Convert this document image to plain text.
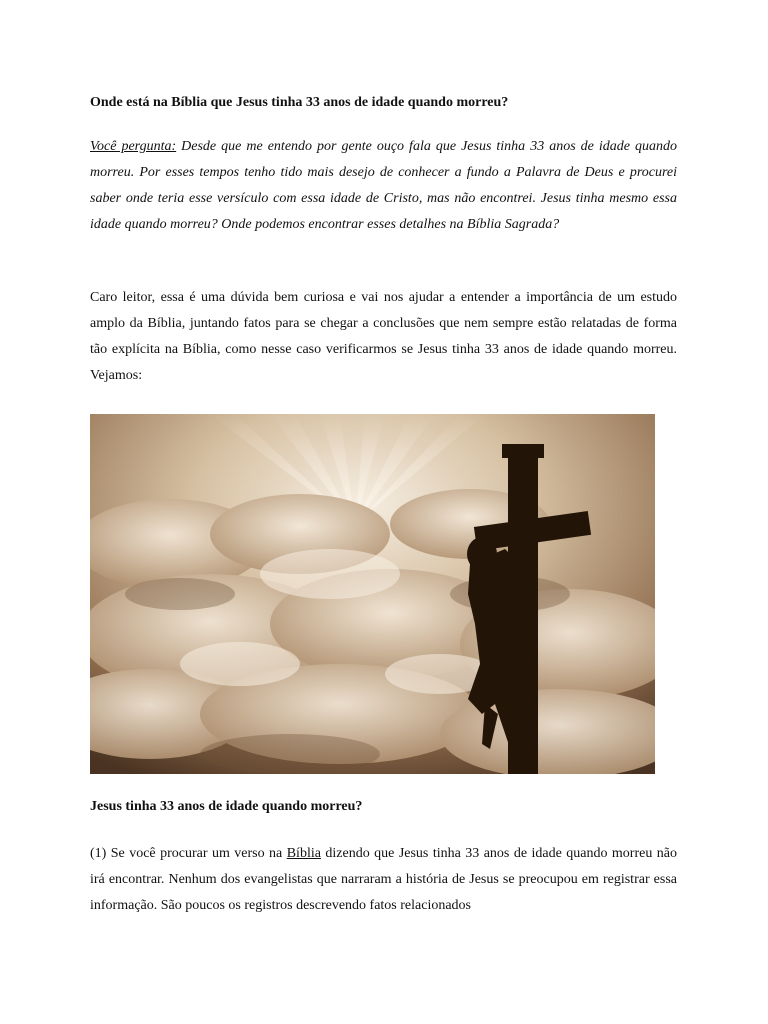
Onde está na Bíblia que Jesus tinha 33 anos de idade quando morreu?

Você pergunta: Desde que me entendo por gente ouço fala que Jesus tinha 33 anos de idade quando morreu. Por esses tempos tenho tido mais desejo de conhecer a fundo a Palavra de Deus e procurei saber onde teria esse versículo com essa idade de Cristo, mas não encontrei. Jesus tinha mesmo essa idade quando morreu? Onde podemos encontrar esses detalhes na Bíblia Sagrada?

Caro leitor, essa é uma dúvida bem curiosa e vai nos ajudar a entender a importância de um estudo amplo da Bíblia, juntando fatos para se chegar a conclusões que nem sempre estão relatadas de forma tão explícita na Bíblia, como nesse caso verificarmos se Jesus tinha 33 anos de idade quando morreu. Vejamos:

Jesus tinha 33 anos de idade quando morreu?

(1) Se você procurar um verso na Bíblia dizendo que Jesus tinha 33 anos de idade quando morreu não irá encontrar. Nenhum dos evangelistas que narraram a história de Jesus se preocupou em registrar essa informação. São poucos os registros descrevendo fatos relacionados
